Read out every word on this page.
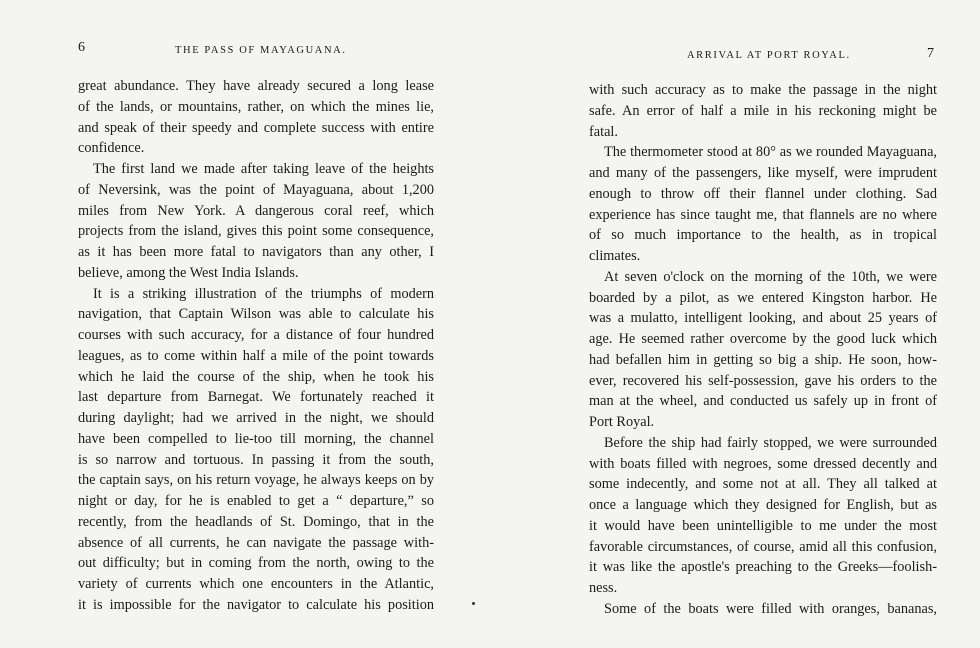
6	THE PASS OF MAYAGUANA.
great abundance. They have already secured a long lease
of the lands, or mountains, rather, on which the mines lie,
and speak of their speedy and complete success with entire
confidence.
The first land we made after taking leave of the heights
of Neversink, was the point of Mayaguana, about 1,200
miles from New York. A dangerous coral reef, which
projects from the island, gives this point some consequence,
as it has been more fatal to navigators than any other, I
believe, among the West India Islands.
It is a striking illustration of the triumphs of modern
navigation, that Captain Wilson was able to calculate his
courses with such accuracy, for a distance of four hundred
leagues, as to come within half a mile of the point towards
which he laid the course of the ship, when he took his
last departure from Barnegat. We fortunately reached it
during daylight; had we arrived in the night, we should
have been compelled to lie-too till morning, the channel
is so narrow and tortuous. In passing it from the south,
the captain says, on his return voyage, he always keeps on by
night or day, for he is enabled to get a “ departure,” so
recently, from the headlands of St. Domingo, that in the
absence of all currents, he can navigate the passage with-
out difficulty; but in coming from the north, owing to the
variety of currents which one encounters in the Atlantic,
it is impossible for the navigator to calculate his position
ARRIVAL AT PORT ROYAL.	7
with such accuracy as to make the passage in the night
safe. An error of half a mile in his reckoning might be
fatal.
The thermometer stood at 80° as we rounded Mayaguana,
and many of the passengers, like myself, were imprudent
enough to throw off their flannel under clothing. Sad
experience has since taught me, that flannels are no where
of so much importance to the health, as in tropical
climates.
At seven o'clock on the morning of the 10th, we were
boarded by a pilot, as we entered Kingston harbor. He
was a mulatto, intelligent looking, and about 25 years of
age. He seemed rather overcome by the good luck which
had befallen him in getting so big a ship. He soon, how-
ever, recovered his self-possession, gave his orders to the
man at the wheel, and conducted us safely up in front of
Port Royal.
Before the ship had fairly stopped, we were surrounded
with boats filled with negroes, some dressed decently and
some indecently, and some not at all. They all talked at
once a language which they designed for English, but as
it would have been unintelligible to me under the most
favorable circumstances, of course, amid all this confusion,
it was like the apostle's preaching to the Greeks—foolish-
ness.
Some of the boats were filled with oranges, bananas,
